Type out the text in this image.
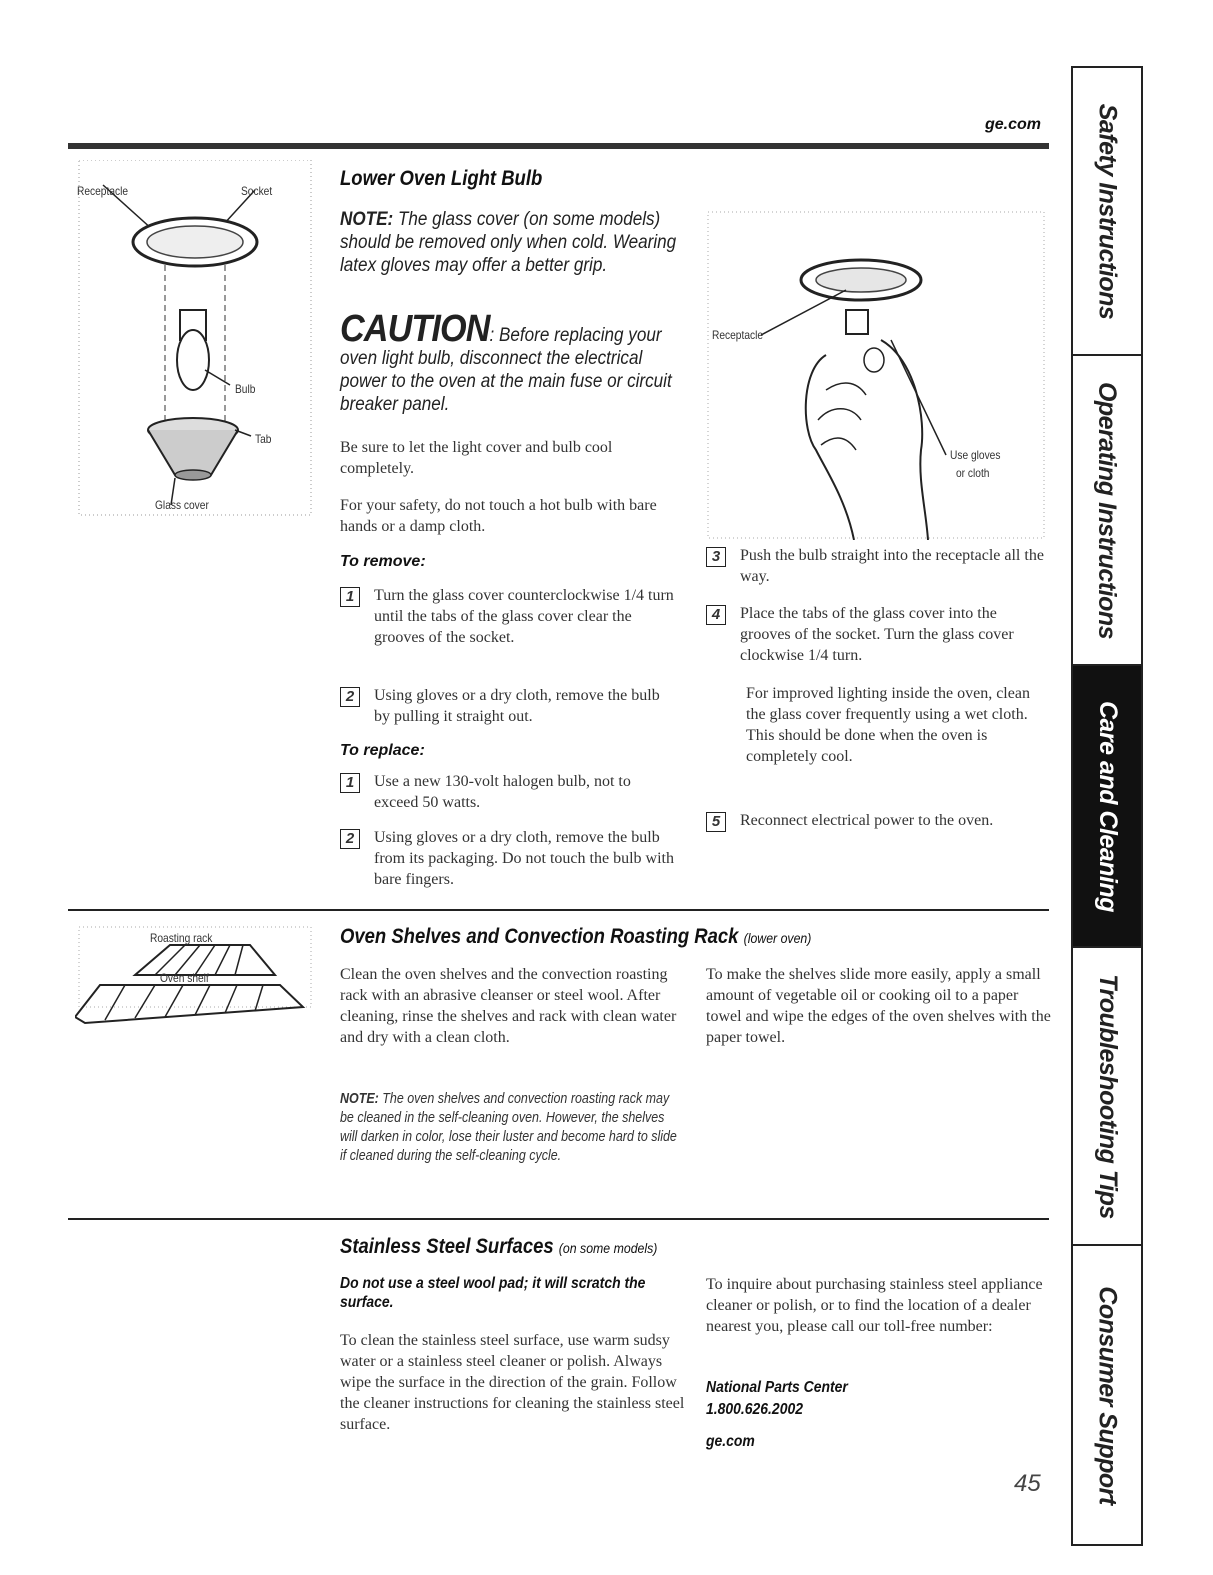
ge.com
Receptacle	Socket
Bulb
Tab
Glass cover
Lower Oven Light Bulb
NOTE: The glass cover (on some models) should be removed only when cold. Wearing latex gloves may offer a better grip.
CAUTION: Before replacing your oven light bulb, disconnect the electrical power to the oven at the main fuse or circuit breaker panel.
Be sure to let the light cover and bulb cool completely.
For your safety, do not touch a hot bulb with bare hands or a damp cloth.
To remove:
1	Turn the glass cover counterclockwise 1/4 turn until the tabs of the glass cover clear the grooves of the socket.
2	Using gloves or a dry cloth, remove the bulb by pulling it straight out.
To replace:
1	Use a new 130-volt halogen bulb, not to exceed 50 watts.
2	Using gloves or a dry cloth, remove the bulb from its packaging. Do not touch the bulb with bare fingers.
Receptacle
Use gloves
or cloth
3	Push the bulb straight into the receptacle all the way.
4	Place the tabs of the glass cover into the grooves of the socket. Turn the glass cover clockwise 1/4 turn.
For improved lighting inside the oven, clean the glass cover frequently using a wet cloth. This should be done when the oven is completely cool.
5	Reconnect electrical power to the oven.
Roasting rack
Oven shelf
Oven Shelves and Convection Roasting Rack (lower oven)
Clean the oven shelves and the convection roasting rack with an abrasive cleanser or steel wool. After cleaning, rinse the shelves and rack with clean water and dry with a clean cloth.
NOTE: The oven shelves and convection roasting rack may be cleaned in the self-cleaning oven. However, the shelves will darken in color, lose their luster and become hard to slide if cleaned during the self-cleaning cycle.
To make the shelves slide more easily, apply a small amount of vegetable oil or cooking oil to a paper towel and wipe the edges of the oven shelves with the paper towel.
Stainless Steel Surfaces (on some models)
Do not use a steel wool pad; it will scratch the surface.
To clean the stainless steel surface, use warm sudsy water or a stainless steel cleaner or polish. Always wipe the surface in the direction of the grain. Follow the cleaner instructions for cleaning the stainless steel surface.
To inquire about purchasing stainless steel appliance cleaner or polish, or to find the location of a dealer nearest you, please call our toll-free number:
National Parts Center
1.800.626.2002
ge.com
45
Safety Instructions
Operating Instructions
Care and Cleaning
Troubleshooting Tips
Consumer Support
